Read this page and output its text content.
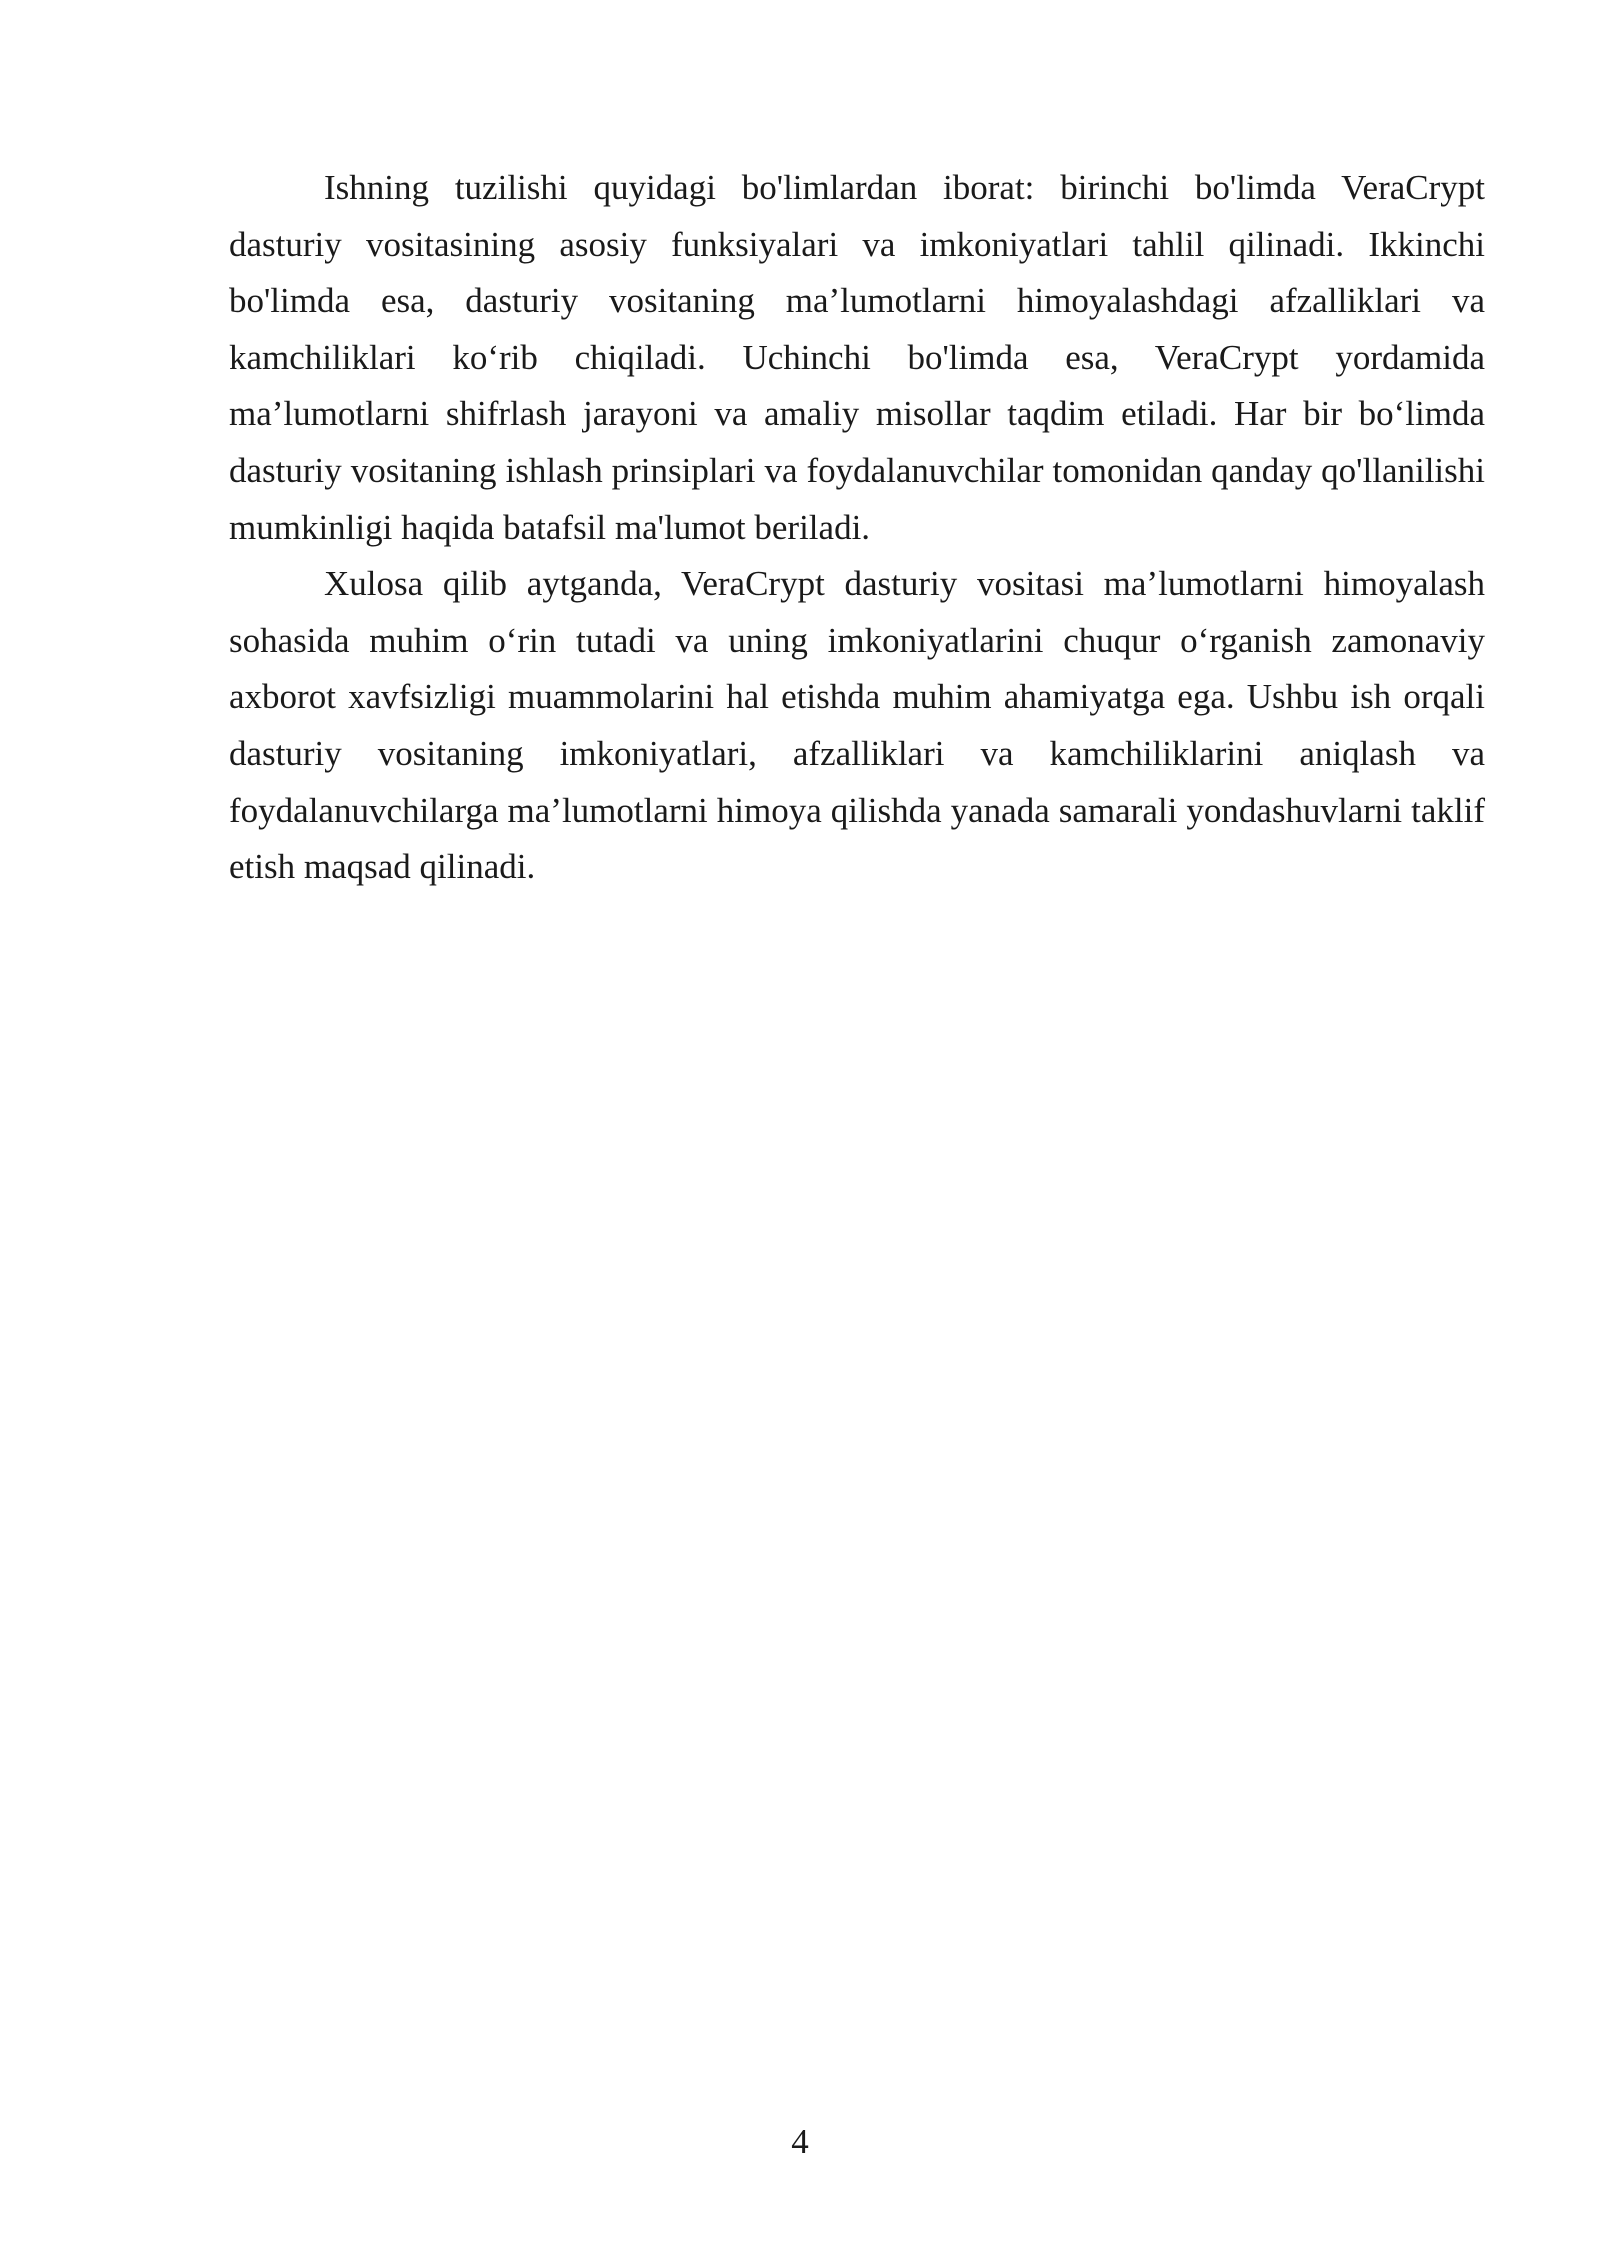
Ishning tuzilishi quyidagi bo'limlardan iborat: birinchi bo'limda VeraCrypt dasturiy vositasining asosiy funksiyalari va imkoniyatlari tahlil qilinadi. Ikkinchi bo'limda esa, dasturiy vositaning ma’lumotlarni himoyalashdagi afzalliklari va kamchiliklari ko‘rib chiqiladi. Uchinchi bo'limda esa, VeraCrypt yordamida ma’lumotlarni shifrlash jarayoni va amaliy misollar taqdim etiladi. Har bir bo‘limda dasturiy vositaning ishlash prinsiplari va foydalanuvchilar tomonidan qanday qo'llanilishi mumkinligi haqida batafsil ma'lumot beriladi.

Xulosa qilib aytganda, VeraCrypt dasturiy vositasi ma’lumotlarni himoyalash sohasida muhim o‘rin tutadi va uning imkoniyatlarini chuqur o‘rganish zamonaviy axborot xavfsizligi muammolarini hal etishda muhim ahamiyatga ega. Ushbu ish orqali dasturiy vositaning imkoniyatlari, afzalliklari va kamchiliklarini aniqlash va foydalanuvchilarga ma’lumotlarni himoya qilishda yanada samarali yondashuvlarni taklif etish maqsad qilinadi.

4
